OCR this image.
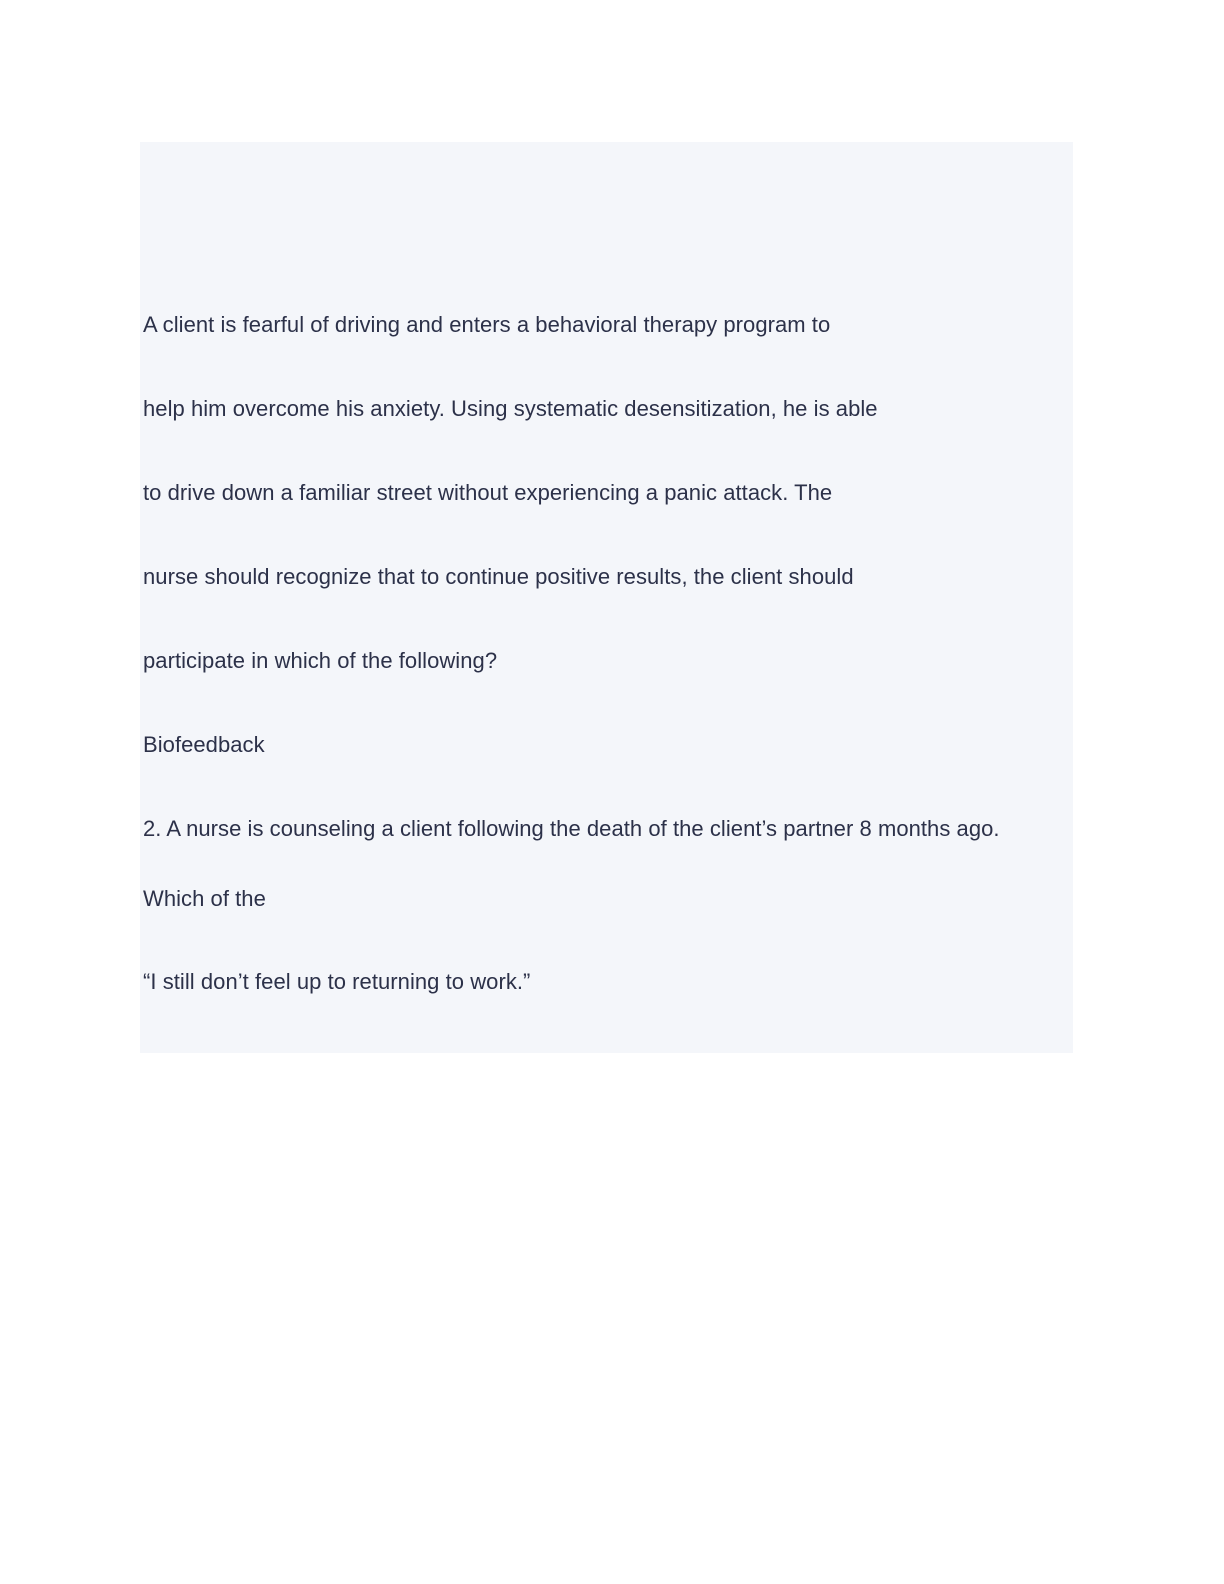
A client is fearful of driving and enters a behavioral therapy program to

help him overcome his anxiety. Using systematic desensitization, he is able

to drive down a familiar street without experiencing a panic attack. The

nurse should recognize that to continue positive results, the client should

participate in which of the following?

Biofeedback

2. A nurse is counseling a client following the death of the client’s partner 8 months ago.

Which of the

“I still don’t feel up to returning to work.”
